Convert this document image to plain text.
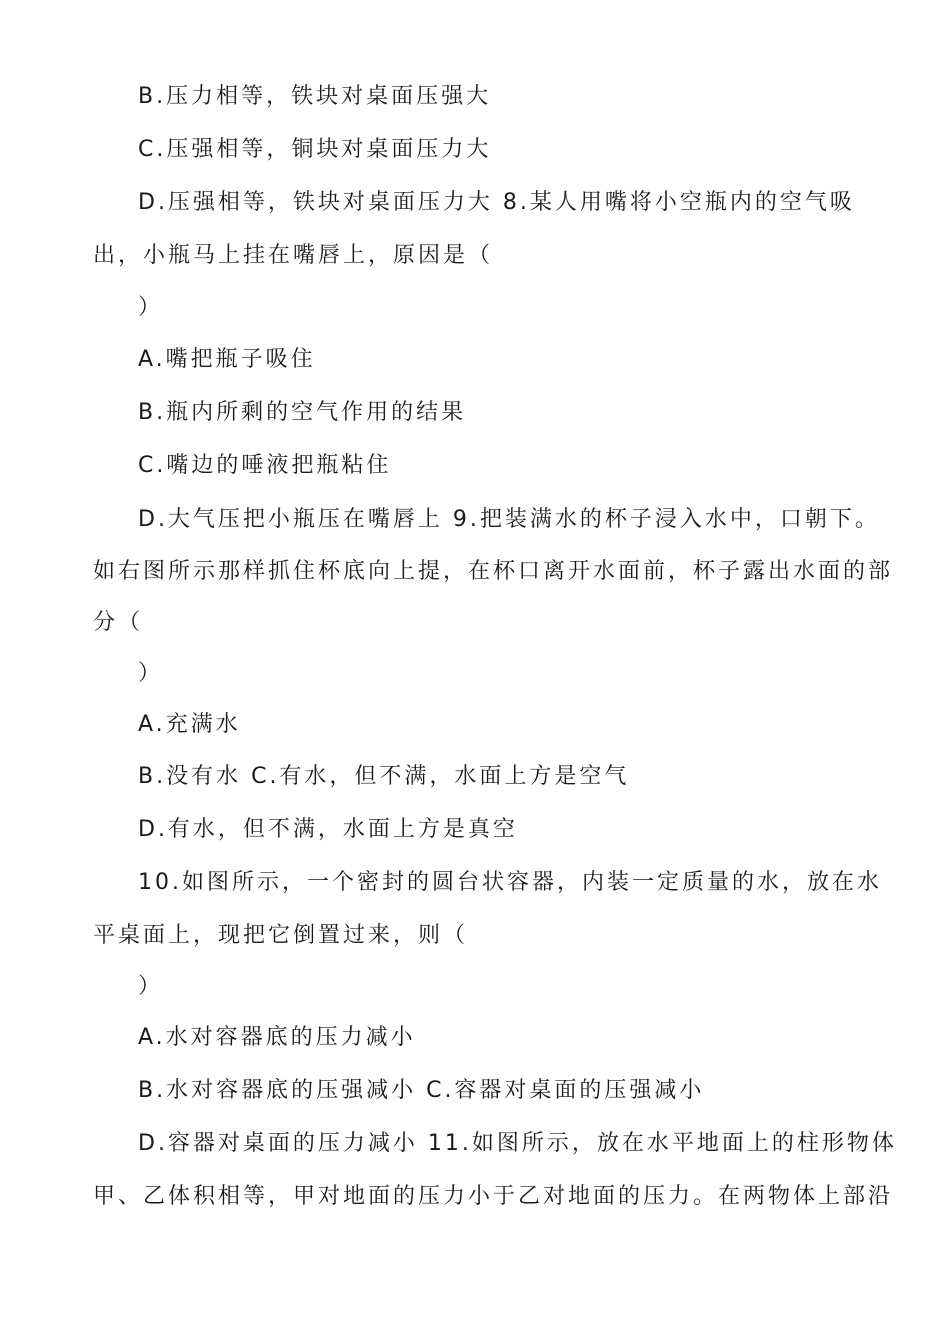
B.压力相等，铁块对桌面压强大
C.压强相等，铜块对桌面压力大
D.压强相等，铁块对桌面压力大 8.某人用嘴将小空瓶内的空气吸
出，小瓶马上挂在嘴唇上，原因是（
）
A.嘴把瓶子吸住
B.瓶内所剩的空气作用的结果
C.嘴边的唾液把瓶粘住
D.大气压把小瓶压在嘴唇上 9.把装满水的杯子浸入水中，口朝下。
如右图所示那样抓住杯底向上提，在杯口离开水面前，杯子露出水面的部
分（
）
A.充满水
B.没有水 C.有水，但不满，水面上方是空气
D.有水，但不满，水面上方是真空
10.如图所示，一个密封的圆台状容器，内装一定质量的水，放在水
平桌面上，现把它倒置过来，则（
）
A.水对容器底的压力减小
B.水对容器底的压强减小 C.容器对桌面的压强减小
D.容器对桌面的压力减小 11.如图所示，放在水平地面上的柱形物体
甲、乙体积相等，甲对地面的压力小于乙对地面的压力。在两物体上部沿
